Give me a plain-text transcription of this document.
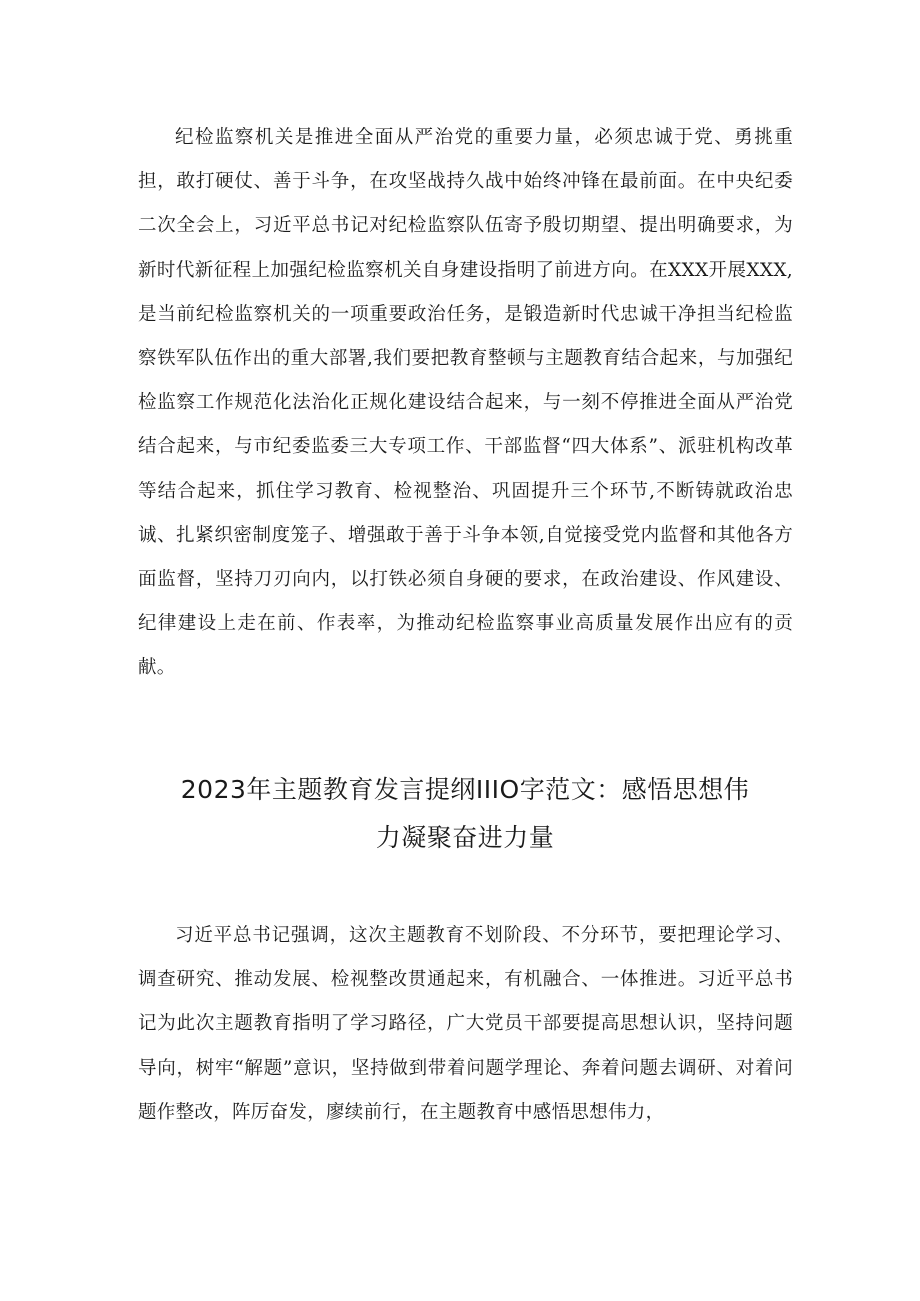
纪检监察机关是推进全面从严治党的重要力量，必须忠诚于党、勇挑重担，敢打硬仗、善于斗争，在攻坚战持久战中始终冲锋在最前面。在中央纪委二次全会上，习近平总书记对纪检监察队伍寄予殷切期望、提出明确要求，为新时代新征程上加强纪检监察机关自身建设指明了前进方向。在XXX开展XXX,是当前纪检监察机关的一项重要政治任务，是锻造新时代忠诚干净担当纪检监察铁军队伍作出的重大部署,我们要把教育整顿与主题教育结合起来，与加强纪检监察工作规范化法治化正规化建设结合起来，与一刻不停推进全面从严治党结合起来，与市纪委监委三大专项工作、干部监督“四大体系”、派驻机构改革等结合起来，抓住学习教育、检视整治、巩固提升三个环节,不断铸就政治忠诚、扎紧织密制度笼子、增强敢于善于斗争本领,自觉接受党内监督和其他各方面监督，坚持刀刃向内，以打铁必须自身硬的要求，在政治建设、作风建设、纪律建设上走在前、作表率，为推动纪检监察事业高质量发展作出应有的贡献。

2023年主题教育发言提纲IIIO字范文：感悟思想伟
力凝聚奋进力量

习近平总书记强调，这次主题教育不划阶段、不分环节，要把理论学习、调查研究、推动发展、检视整改贯通起来，有机融合、一体推进。习近平总书记为此次主题教育指明了学习路径，广大党员干部要提高思想认识，坚持问题导向，树牢“解题”意识，坚持做到带着问题学理论、奔着问题去调研、对着问题作整改，阵厉奋发，廖续前行，在主题教育中感悟思想伟力，
